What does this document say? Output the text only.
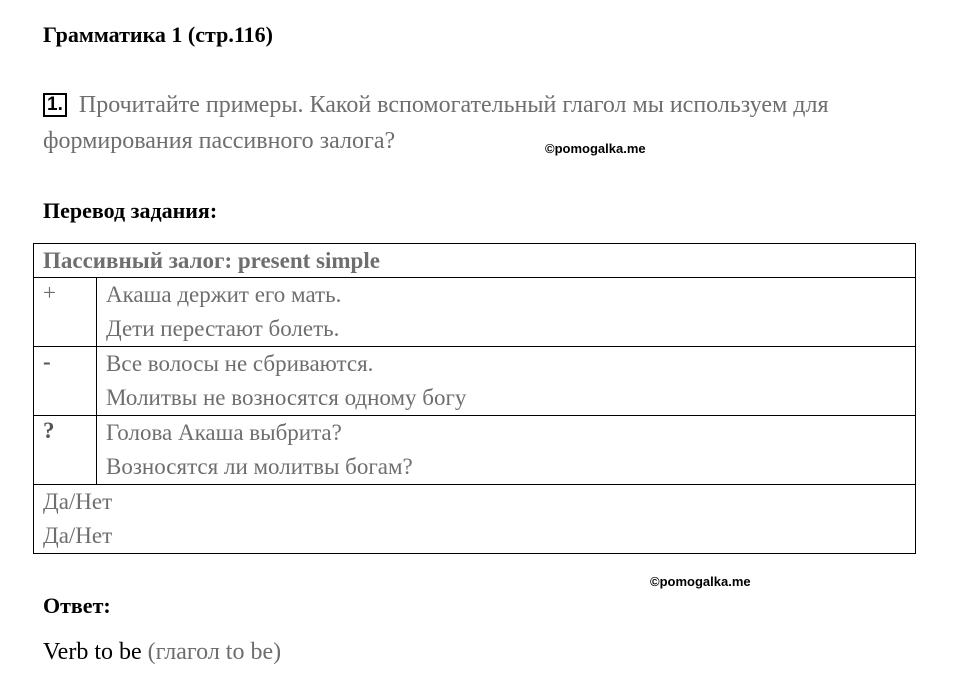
Грамматика 1 (стр.116)
1. Прочитайте примеры. Какой вспомогательный глагол мы используем для
формирования пассивного залога?	©pomogalka.me
Перевод задания:
Пассивный залог: present simple	
+	Акаша держит его мать.
Дети перестают болеть.

-	Все волосы не сбриваются.
Молитвы не возносятся одному богу

?	Голова Акаша выбрита?
Возносятся ли молитвы богам?

Да/Нет
Да/Нет	
©pomogalka.me
Ответ:
Verb to be (глагол to be)
